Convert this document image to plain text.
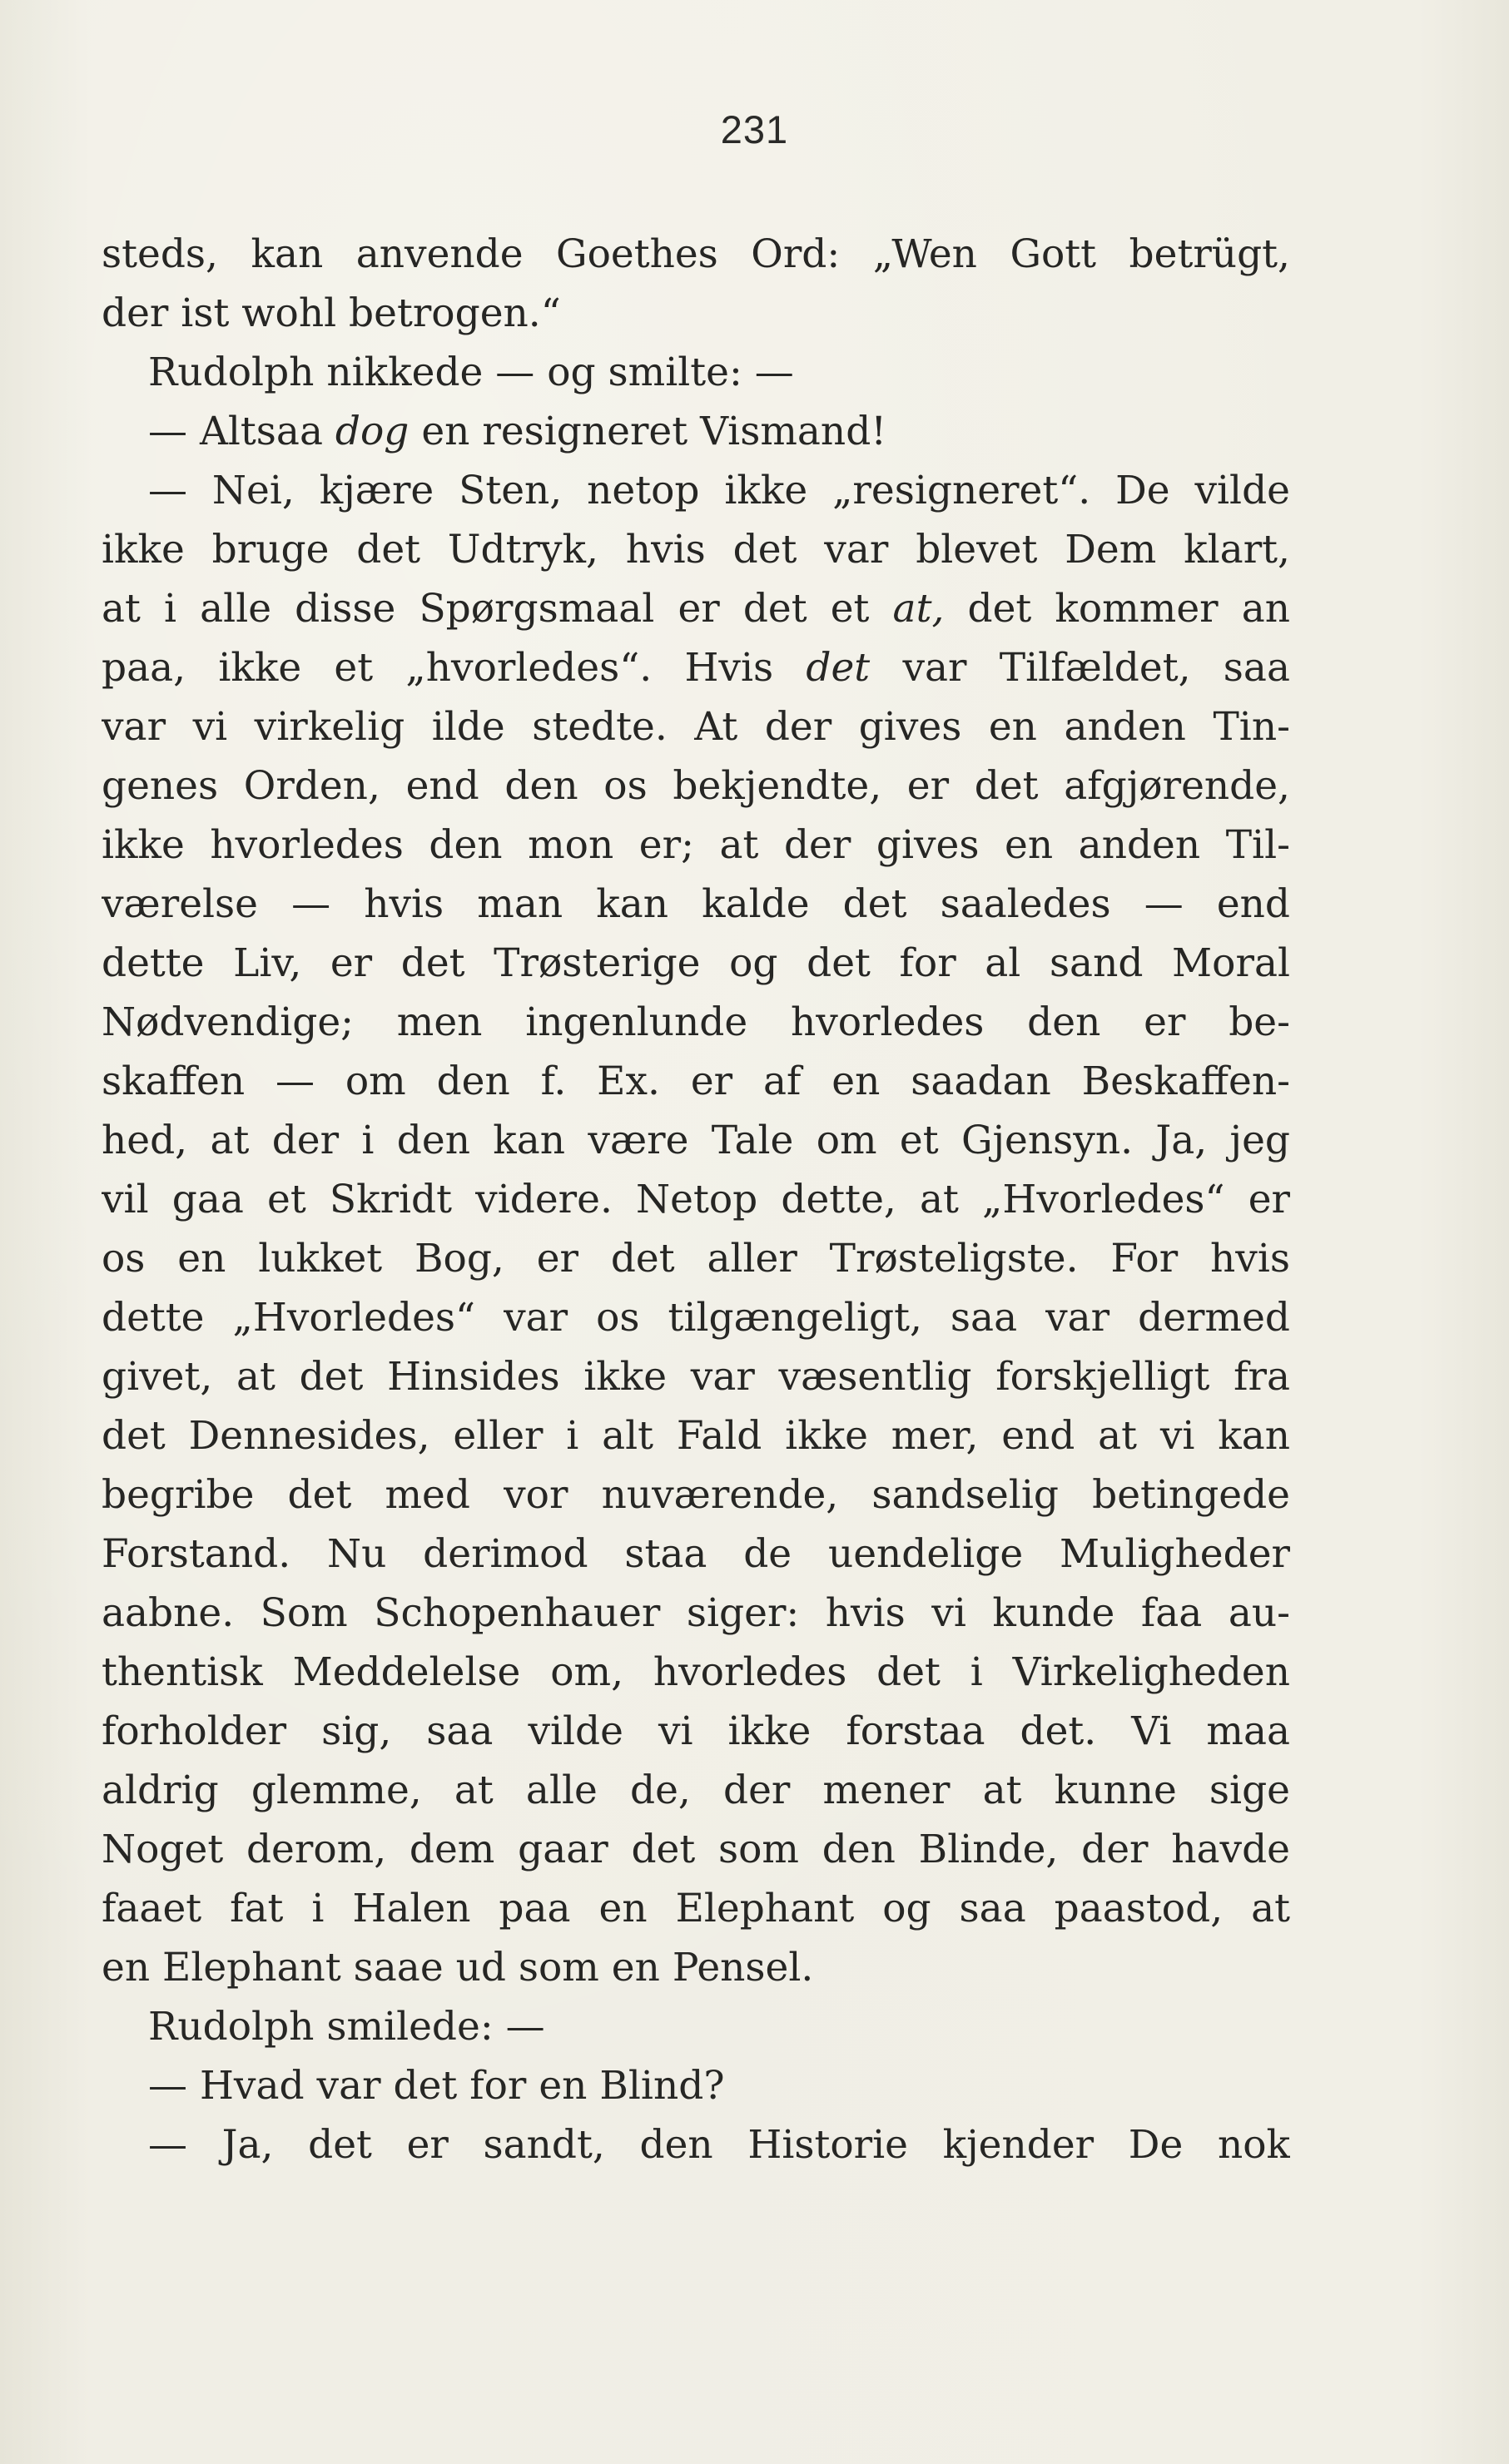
231
steds, kan anvende Goethes Ord: „Wen Gott betrügt,
der ist wohl betrogen.“
Rudolph nikkede — og smilte: —
— Altsaa dog en resigneret Vismand!
— Nei, kjære Sten, netop ikke „resigneret“. De vilde
ikke bruge det Udtryk, hvis det var blevet Dem klart,
at i alle disse Spørgsmaal er det et at, det kommer an
paa, ikke et „hvorledes“. Hvis det var Tilfældet, saa
var vi virkelig ilde stedte. At der gives en anden Tin-
genes Orden, end den os bekjendte, er det afgjørende,
ikke hvorledes den mon er; at der gives en anden Til-
værelse — hvis man kan kalde det saaledes — end
dette Liv, er det Trøsterige og det for al sand Moral
Nødvendige; men ingenlunde hvorledes den er be-
skaffen — om den f. Ex. er af en saadan Beskaffen-
hed, at der i den kan være Tale om et Gjensyn. Ja, jeg
vil gaa et Skridt videre. Netop dette, at „Hvorledes“ er
os en lukket Bog, er det aller Trøsteligste. For hvis
dette „Hvorledes“ var os tilgængeligt, saa var dermed
givet, at det Hinsides ikke var væsentlig forskjelligt fra
det Dennesides, eller i alt Fald ikke mer, end at vi kan
begribe det med vor nuværende, sandselig betingede
Forstand. Nu derimod staa de uendelige Muligheder
aabne. Som Schopenhauer siger: hvis vi kunde faa au-
thentisk Meddelelse om, hvorledes det i Virkeligheden
forholder sig, saa vilde vi ikke forstaa det. Vi maa
aldrig glemme, at alle de, der mener at kunne sige
Noget derom, dem gaar det som den Blinde, der havde
faaet fat i Halen paa en Elephant og saa paastod, at
en Elephant saae ud som en Pensel.
Rudolph smilede: —
— Hvad var det for en Blind?
— Ja, det er sandt, den Historie kjender De nok
